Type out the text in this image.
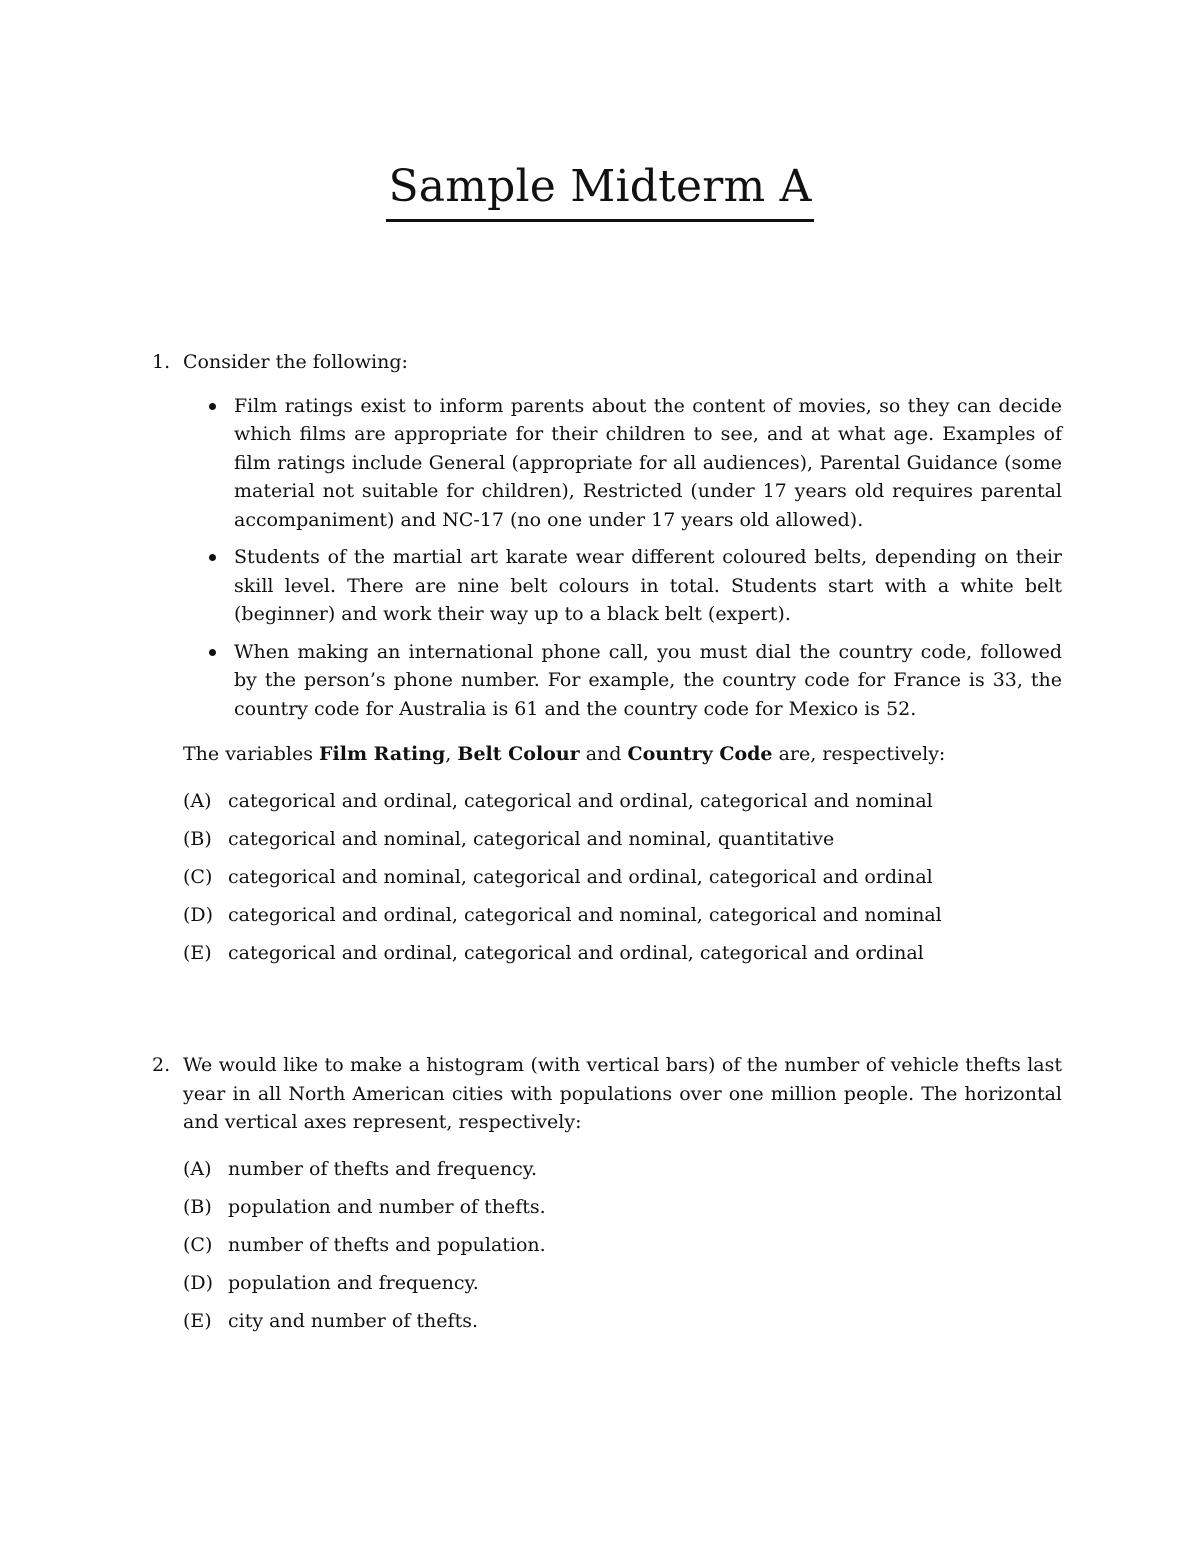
Sample Midterm A
1. Consider the following:
Film ratings exist to inform parents about the content of movies, so they can decide which films are appropriate for their children to see, and at what age. Examples of film ratings include General (appropriate for all audiences), Parental Guidance (some material not suitable for children), Restricted (under 17 years old requires parental accompaniment) and NC-17 (no one under 17 years old allowed).
Students of the martial art karate wear different coloured belts, depending on their skill level. There are nine belt colours in total. Students start with a white belt (beginner) and work their way up to a black belt (expert).
When making an international phone call, you must dial the country code, followed by the person’s phone number. For example, the country code for France is 33, the country code for Australia is 61 and the country code for Mexico is 52.
The variables Film Rating, Belt Colour and Country Code are, respectively:
(A) categorical and ordinal, categorical and ordinal, categorical and nominal
(B) categorical and nominal, categorical and nominal, quantitative
(C) categorical and nominal, categorical and ordinal, categorical and ordinal
(D) categorical and ordinal, categorical and nominal, categorical and nominal
(E) categorical and ordinal, categorical and ordinal, categorical and ordinal
2. We would like to make a histogram (with vertical bars) of the number of vehicle thefts last year in all North American cities with populations over one million people. The horizontal and vertical axes represent, respectively:
(A) number of thefts and frequency.
(B) population and number of thefts.
(C) number of thefts and population.
(D) population and frequency.
(E) city and number of thefts.
